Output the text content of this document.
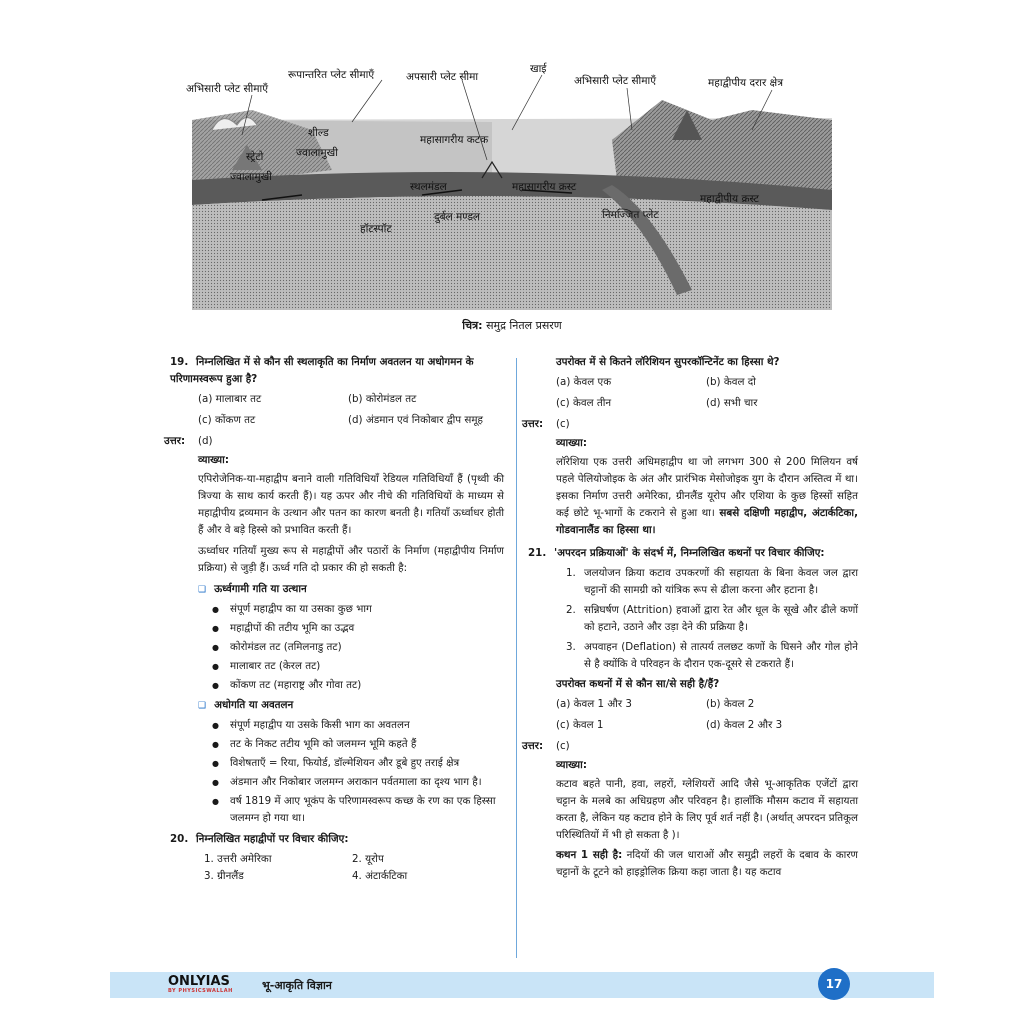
अभिसारी प्लेट सीमाएँ
रूपान्तरित प्लेट सीमाएँ	अपसारी प्लेट सीमा
खाई
अभिसारी प्लेट सीमाएँ	महाद्वीपीय दरार क्षेत्र
शील्ड
महासागरीय कटक
स्ट्रेटो	ज्वालामुखी
ज्वालामुखी
स्थलमंडल	महासागरीय क्रस्ट
महाद्वीपीय क्रस्ट
निमज्जित प्लेट
दुर्बल मण्डल
हॉटस्पॉट
चित्र: समुद्र नितल प्रसरण
19. निम्नलिखित में से कौन सी स्थलाकृति का निर्माण अवतलन या अधोगमन के परिणामस्वरूप हुआ है?
(a) मालाबार तट	(b) कोरोमंडल तट
(c) कोंकण तट	(d) अंडमान एवं निकोबार द्वीप समूह
उत्तर: (d)
व्याख्या:
एपिरोजेनिक-या-महाद्वीप बनाने वाली गतिविधियाँ रेडियल गतिविधियाँ हैं (पृथ्वी की त्रिज्या के साथ कार्य करती हैं)। यह ऊपर और नीचे की गतिविधियों के माध्यम से महाद्वीपीय द्रव्यमान के उत्थान और पतन का कारण बनती है। गतियाँ ऊर्ध्वाधर होती हैं और वे बड़े हिस्से को प्रभावित करती हैं।
ऊर्ध्वाधर गतियाँ मुख्य रूप से महाद्वीपों और पठारों के निर्माण (महाद्वीपीय निर्माण प्रक्रिया) से जुड़ी हैं। ऊर्ध्व गति दो प्रकार की हो सकती है:
❑ ऊर्ध्वगामी गति या उत्थान
● संपूर्ण महाद्वीप का या उसका कुछ भाग
● महाद्वीपों की तटीय भूमि का उद्भव
● कोरोमंडल तट (तमिलनाडु तट)
● मालाबार तट (केरल तट)
● कोंकण तट (महाराष्ट्र और गोवा तट)
❑ अधोगति या अवतलन
● संपूर्ण महाद्वीप या उसके किसी भाग का अवतलन
● तट के निकट तटीय भूमि को जलमग्न भूमि कहते हैं
● विशेषताएँ = रिया, फियोर्ड, डॉल्मेशियन और डूबे हुए तराई क्षेत्र
● अंडमान और निकोबार जलमग्न अराकान पर्वतमाला का दृश्य भाग है।
● वर्ष 1819 में आए भूकंप के परिणामस्वरूप कच्छ के रण का एक हिस्सा जलमग्न हो गया था।
20. निम्नलिखित महाद्वीपों पर विचार कीजिए:
1. उत्तरी अमेरिका	2. यूरोप
3. ग्रीनलैंड	4. अंटार्कटिका
उपरोक्त में से कितने लॉरेशियन सुपरकॉन्टिनेंट का हिस्सा थे?
(a) केवल एक	(b) केवल दो
(c) केवल तीन	(d) सभी चार
उत्तर: (c)
व्याख्या:
लॉरेशिया एक उत्तरी अधिमहाद्वीप था जो लगभग 300 से 200 मिलियन वर्ष पहले पेलियोजोइक के अंत और प्रारंभिक मेसोजोइक युग के दौरान अस्तित्व में था। इसका निर्माण उत्तरी अमेरिका, ग्रीनलैंड यूरोप और एशिया के कुछ हिस्सों सहित कई छोटे भू-भागों के टकराने से हुआ था। सबसे दक्षिणी महाद्वीप, अंटार्कटिका, गोडवानालैंड का हिस्सा था।
21. 'अपरदन प्रक्रियाओं' के संदर्भ में, निम्नलिखित कथनों पर विचार कीजिए:
1. जलयोजन क्रिया कटाव उपकरणों की सहायता के बिना केवल जल द्वारा चट्टानों की सामग्री को यांत्रिक रूप से ढीला करना और हटाना है।
2. सन्निघर्षण (Attrition) हवाओं द्वारा रेत और धूल के सूखे और ढीले कणों को हटाने, उठाने और उड़ा देने की प्रक्रिया है।
3. अपवाहन (Deflation) से तात्पर्य तलछट कणों के घिसने और गोल होने से है क्योंकि वे परिवहन के दौरान एक-दूसरे से टकराते हैं।
उपरोक्त कथनों में से कौन सा/से सही है/हैं?
(a) केवल 1 और 3	(b) केवल 2
(c) केवल 1	(d) केवल 2 और 3
उत्तर: (c)
व्याख्या:
कटाव बहते पानी, हवा, लहरों, ग्लेशियरों आदि जैसे भू-आकृतिक एजेंटों द्वारा चट्टान के मलबे का अधिग्रहण और परिवहन है। हालाँकि मौसम कटाव में सहायता करता है, लेकिन यह कटाव होने के लिए पूर्व शर्त नहीं है। (अर्थात् अपरदन प्रतिकूल परिस्थितियों में भी हो सकता है )।
कथन 1 सही है: नदियों की जल धाराओं और समुद्री लहरों के दबाव के कारण चट्टानों के टूटने को हाइड्रोलिक क्रिया कहा जाता है। यह कटाव
ONLYIAS
BY PHYSICSWALLAH	भू-आकृति विज्ञान	17
